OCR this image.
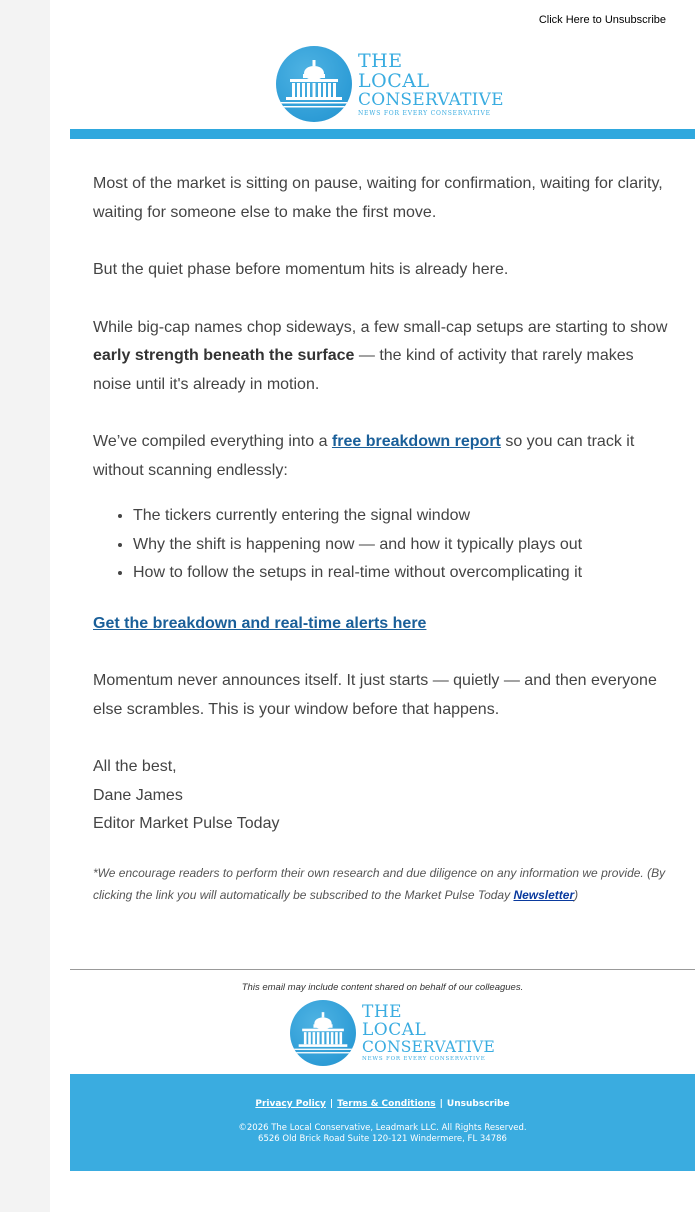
Click Here to Unsubscribe
THE
LOCAL
CONSERVATIVE
NEWS FOR EVERY CONSERVATIVE

Most of the market is sitting on pause, waiting for confirmation, waiting for clarity, waiting for someone else to make the first move.

But the quiet phase before momentum hits is already here.

While big-cap names chop sideways, a few small-cap setups are starting to show early strength beneath the surface — the kind of activity that rarely makes noise until it's already in motion.

We’ve compiled everything into a free breakdown report so you can track it without scanning endlessly:

• The tickers currently entering the signal window
• Why the shift is happening now — and how it typically plays out
• How to follow the setups in real-time without overcomplicating it
Get the breakdown and real-time alerts here

Momentum never announces itself. It just starts — quietly — and then everyone else scrambles. This is your window before that happens.

All the best,

Dane James

Editor Market Pulse Today

*We encourage readers to perform their own research and due diligence on any information we provide. (By clicking the link you will automatically be subscribed to the Market Pulse Today Newsletter)
This email may include content shared on behalf of our colleagues.
THE
LOCAL
CONSERVATIVE
NEWS FOR EVERY CONSERVATIVE
Privacy Policy | Terms & Conditions | Unsubscribe
©2026 The Local Conservative, Leadmark LLC. All Rights Reserved.
6526 Old Brick Road Suite 120-121 Windermere, FL 34786
